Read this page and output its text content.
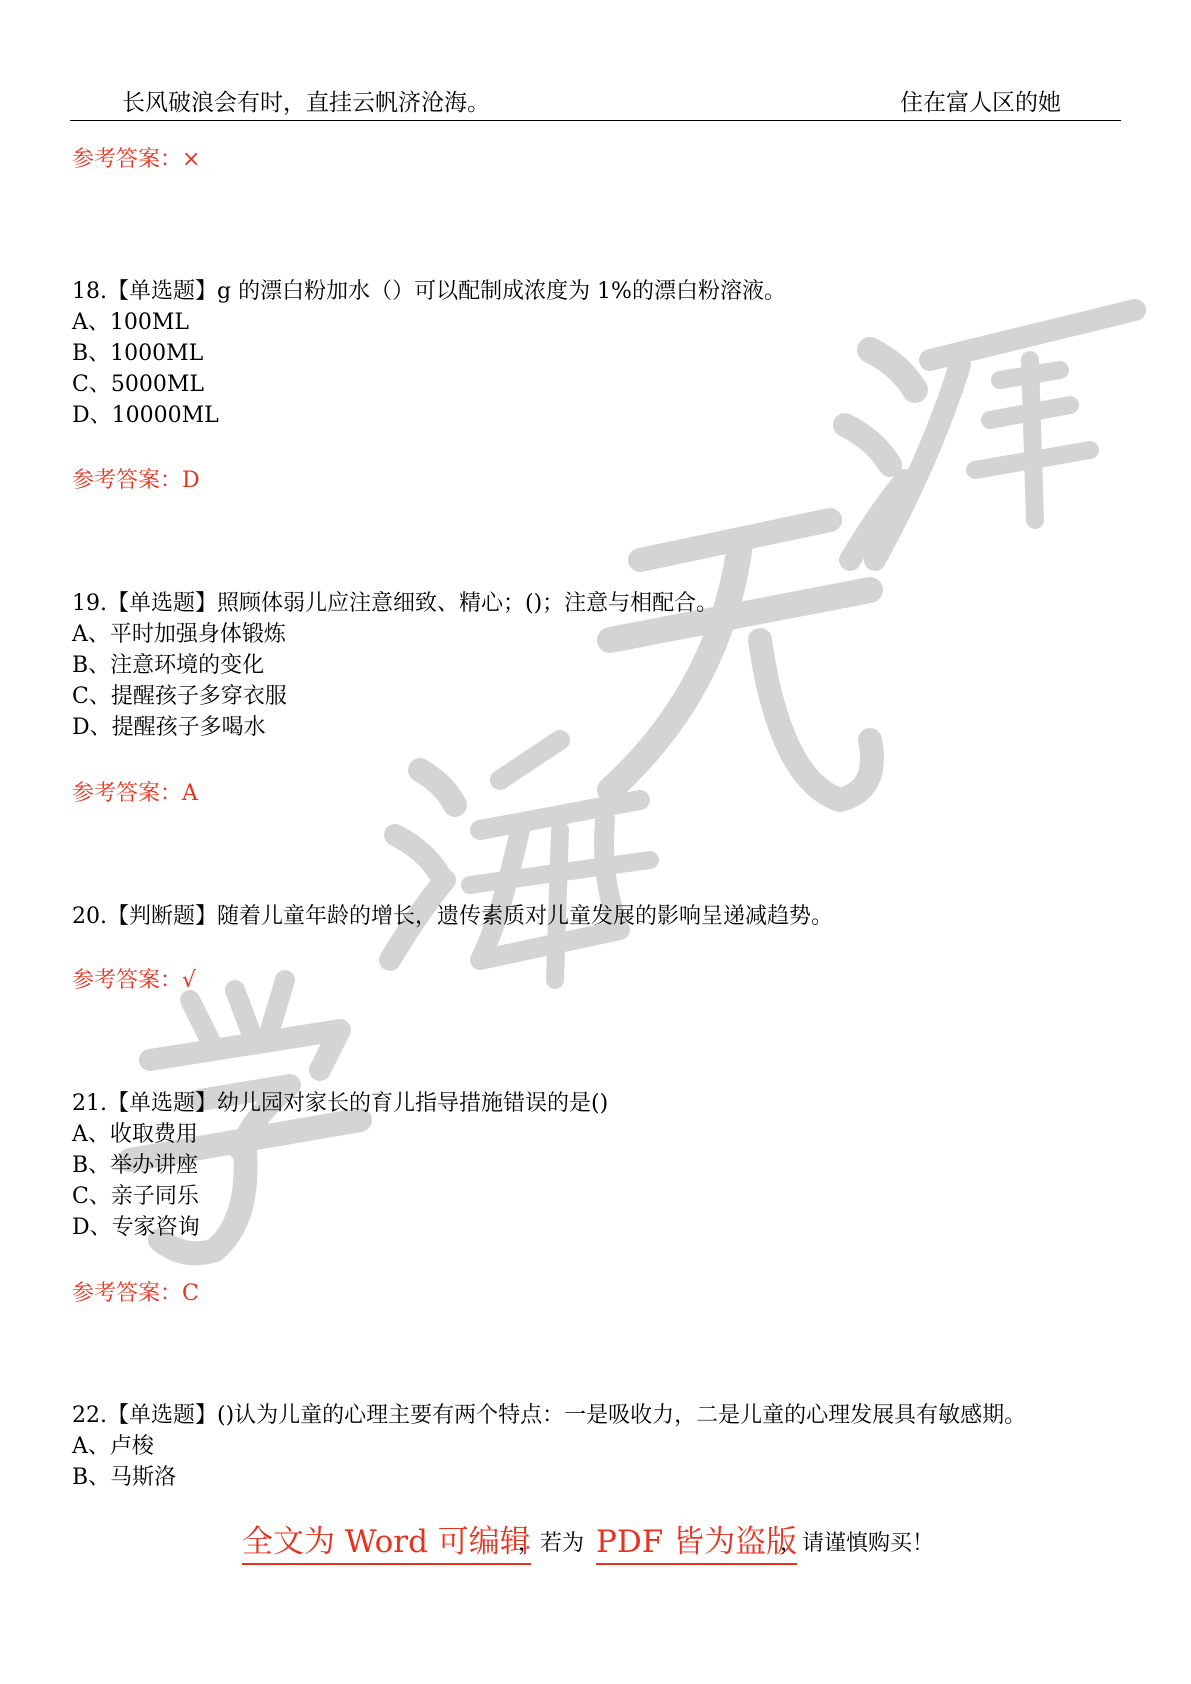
长风破浪会有时，直挂云帆济沧海。	住在富人区的她
参考答案：×
18.【单选题】g 的漂白粉加水（）可以配制成浓度为 1%的漂白粉溶液。
A、100ML
B、1000ML
C、5000ML
D、10000ML
参考答案：D
19.【单选题】照顾体弱儿应注意细致、精心；()；注意与相配合。
A、平时加强身体锻炼
B、注意环境的变化
C、提醒孩子多穿衣服
D、提醒孩子多喝水
参考答案：A
20.【判断题】随着儿童年龄的增长，遗传素质对儿童发展的影响呈递减趋势。
参考答案：√
21.【单选题】幼儿园对家长的育儿指导措施错误的是()
A、收取费用
B、举办讲座
C、亲子同乐
D、专家咨询
参考答案：C
22.【单选题】()认为儿童的心理主要有两个特点：一是吸收力，二是儿童的心理发展具有敏感期。
A、卢梭
B、马斯洛
全文为 Word 可编辑
，若为 PDF 皆为盗版
，请谨慎购买！
